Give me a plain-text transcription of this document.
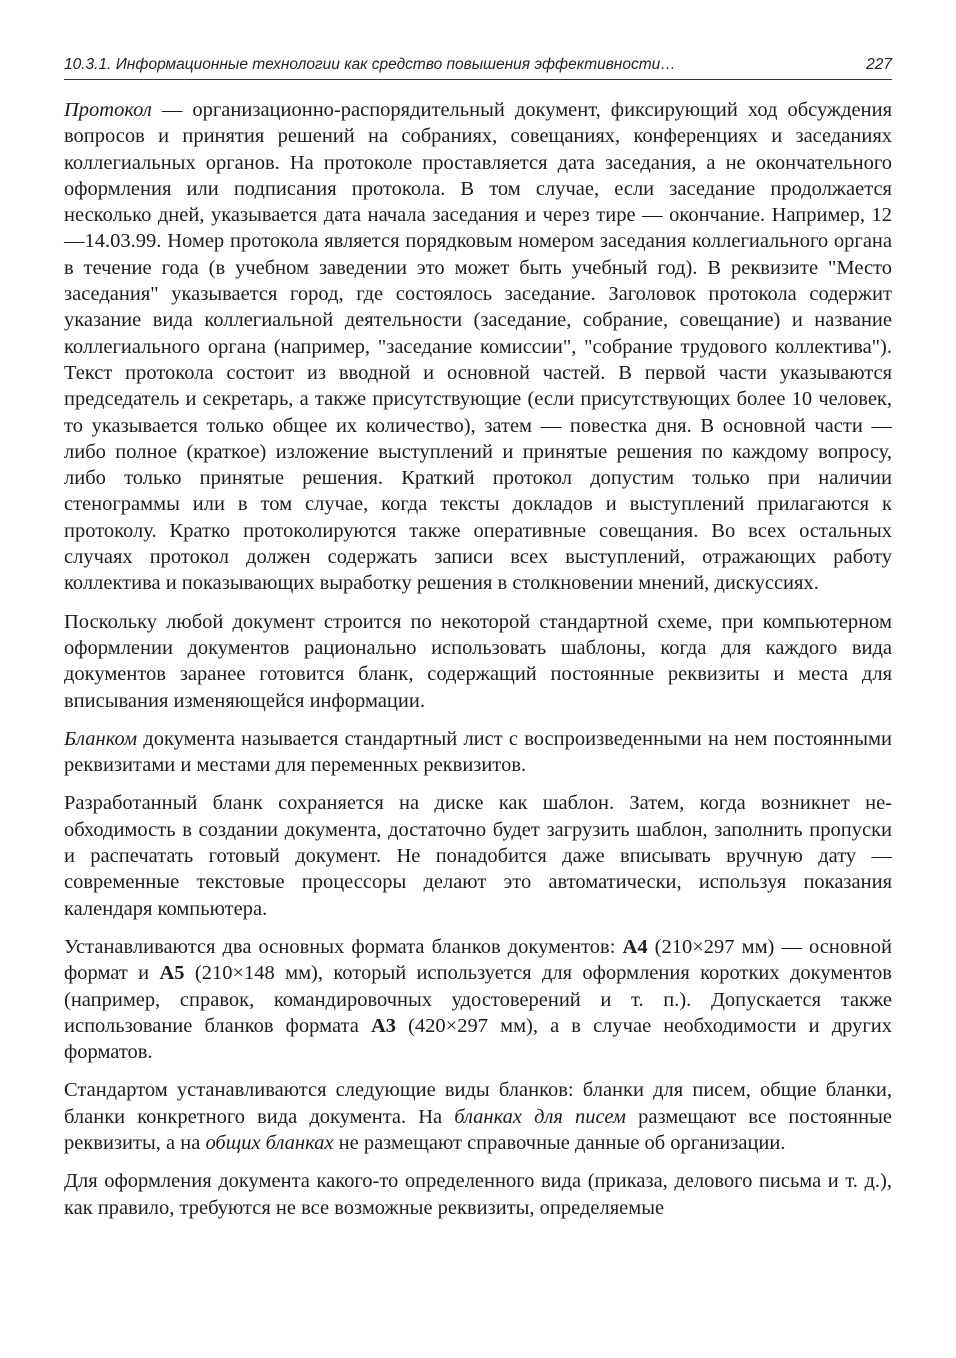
10.3.1. Информационные технологии как средство повышения эффективности…	227

Протокол — организационно-распорядительный документ, фиксирующий ход обсуждения вопросов и принятия решений на собраниях, совещаниях, конференциях и заседаниях коллегиальных органов. На протоколе проставляется дата заседания, а не окончательного оформления или подписания протокола. В том случае, если заседание продолжается несколько дней, указывается дата начала заседания и через тире — окончание. Например, 12—14.03.99. Номер протокола является порядковым номером заседания коллегиального органа в течение года (в учебном заведении это может быть учебный год). В реквизите "Место заседания" указывается город, где состоялось заседание. Заголовок протокола содержит указание вида коллегиальной деятельности (заседание, собрание, совещание) и название коллегиального органа (например, "заседание комиссии", "собрание трудового коллектива"). Текст протокола состоит из вводной и основной частей. В первой части указываются председатель и секретарь, а также присутствующие (если присутствующих более 10 человек, то указывается только общее их количество), затем — повестка дня. В основной части — либо полное (краткое) изложение выступлений и принятые решения по каждому вопросу, либо только принятые решения. Краткий протокол допустим только при наличии стенограммы или в том случае, когда тексты докладов и выступлений прилагаются к протоколу. Кратко протоколируются также оперативные совещания. Во всех остальных случаях протокол должен содержать записи всех выступлений, отражающих работу коллектива и показывающих выработку решения в столкновении мнений, дискуссиях.

Поскольку любой документ строится по некоторой стандартной схеме, при компьютерном оформлении документов рационально использовать шаблоны, когда для каждого вида документов заранее готовится бланк, содержащий постоянные реквизиты и места для вписывания изменяющейся информации.

Бланком документа называется стандартный лист с воспроизведенными на нем постоянными реквизитами и местами для переменных реквизитов.

Разработанный бланк сохраняется на диске как шаблон. Затем, когда возникнет необходимость в создании документа, достаточно будет загрузить шаблон, заполнить пропуски и распечатать готовый документ. Не понадобится даже вписывать вручную дату — современные текстовые процессоры делают это автоматически, используя показания календаря компьютера.

Устанавливаются два основных формата бланков документов: А4 (210×297 мм) — основной формат и А5 (210×148 мм), который используется для оформления коротких документов (например, справок, командировочных удостоверений и т. п.). Допускается также использование бланков формата А3 (420×297 мм), а в случае необходимости и других форматов.

Стандартом устанавливаются следующие виды бланков: бланки для писем, общие бланки, бланки конкретного вида документа. На бланках для писем размещают все постоянные реквизиты, а на общих бланках не размещают справочные данные об организации.

Для оформления документа какого-то определенного вида (приказа, делового письма и т. д.), как правило, требуются не все возможные реквизиты, определяемые
